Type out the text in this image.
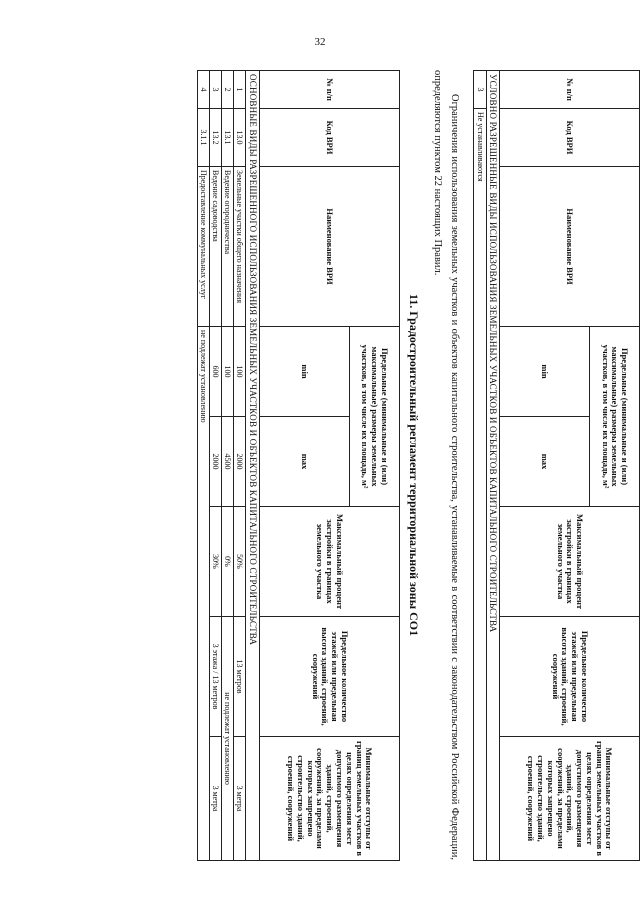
32
№ п/п	Код ВРИ	Наименование ВРИ	Предельные (минимальные и (или) максимальные) размеры земельных участков, в том числе их площадь, м²		Максимальный процент застройки в границах земельного участка	Предельное количество этажей или предельная высота зданий, строений, сооружений	Минимальные отступы от границ земельных участков в целях определения мест допустимого размещения зданий, строений, сооружений, за пределами которых запрещено строительство зданий, строений, сооружений
			min	max			
УСЛОВНО РАЗРЕШЕННЫЕ ВИДЫ ИСПОЛЬЗОВАНИЯ ЗЕМЕЛЬНЫХ УЧАСТКОВ И ОБЪЕКТОВ КАПИТАЛЬНОГО СТРОИТЕЛЬСТВА							
3	Не устанавливаются						

Ограничения использования земельных участков и объектов капитального строительства, устанавливаемые в соответствии с законодательством Российской Федерации, определяются пунктом 22 настоящих Правил.

11. Градостроительный регламент территориальной зоны СО1
№ п/п	Код ВРИ	Наименование ВРИ	Предельные (минимальные и (или) максимальные) размеры земельных участков, в том числе их площадь, м²		Максимальный процент застройки в границах земельного участка	Предельное количество этажей или предельная высота зданий, строений, сооружений	Минимальные отступы от границ земельных участков в целях определения мест допустимого размещения зданий, строений, сооружений, за пределами которых запрещено строительство зданий, строений, сооружений
			min	max			
ОСНОВНЫЕ ВИДЫ РАЗРЕШЕННОГО ИСПОЛЬЗОВАНИЯ ЗЕМЕЛЬНЫХ УЧАСТКОВ И ОБЪЕКТОВ КАПИТАЛЬНОГО СТРОИТЕЛЬСТВА							
1	13.0	Земельные участки общего назначения	100	2000	50%	13 метров	3 метра
2	13.1	Ведение огородничества	100	4500	0%	не подлежат установлению	
3	13.2	Ведение садоводства	600	2000	30%	3 этажа / 13 метров	3 метра
4	3.1.1	Предоставление коммунальных услуг	не подлежат установлению				
